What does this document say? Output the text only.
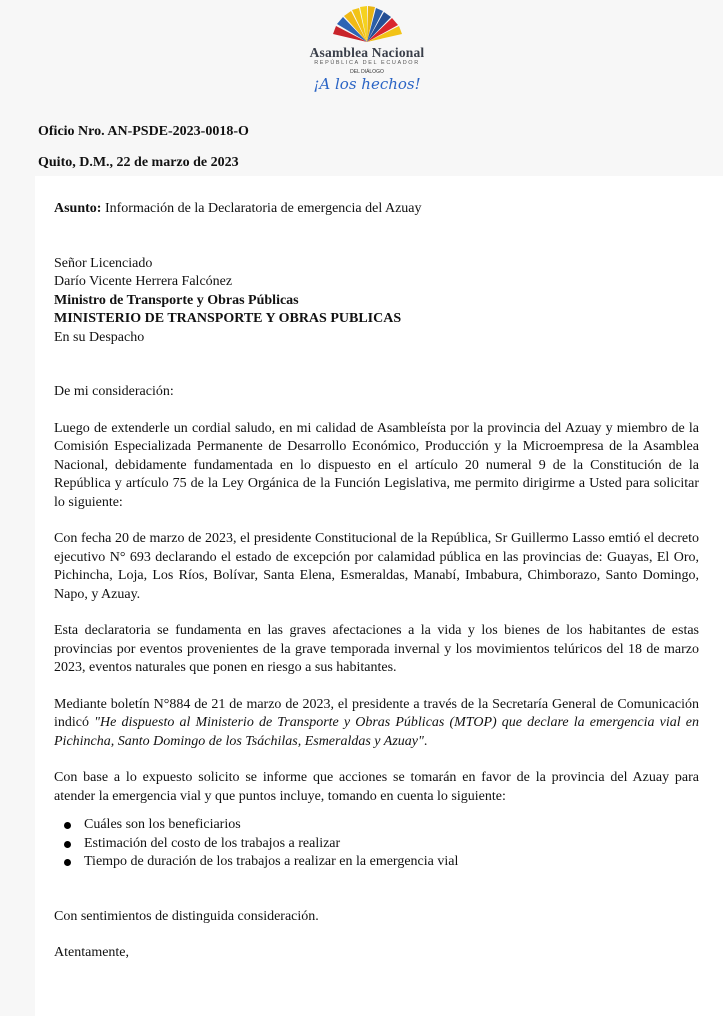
Asamblea Nacional
REPÚBLICA DEL ECUADOR
DEL DIÁLOGO
¡A los hechos!
Oficio Nro. AN-PSDE-2023-0018-O
Quito, D.M., 22 de marzo de 2023

Asunto: Información de la Declaratoria de emergencia del Azuay

Señor Licenciado

Darío Vicente Herrera Falcónez

Ministro de Transporte y Obras Públicas

MINISTERIO DE TRANSPORTE Y OBRAS PUBLICAS

En su Despacho

De mi consideración:

Luego de extenderle un cordial saludo, en mi calidad de Asambleísta por la provincia del Azuay y miembro de la Comisión Especializada Permanente de Desarrollo Económico, Producción y la Microempresa de la Asamblea Nacional, debidamente fundamentada en lo dispuesto en el artículo 20 numeral 9 de la Constitución de la República y artículo 75 de la Ley Orgánica de la Función Legislativa, me permito dirigirme a Usted para solicitar lo siguiente:

Con fecha 20 de marzo de 2023, el presidente Constitucional de la República, Sr Guillermo Lasso emtió el decreto ejecutivo N° 693 declarando el estado de excepción por calamidad pública en las provincias de: Guayas, El Oro, Pichincha, Loja, Los Ríos, Bolívar, Santa Elena, Esmeraldas, Manabí, Imbabura, Chimborazo, Santo Domingo, Napo, y Azuay.

Esta declaratoria se fundamenta en las graves afectaciones a la vida y los bienes de los habitantes de estas provincias por eventos provenientes de la grave temporada invernal y los movimientos telúricos del 18 de marzo 2023, eventos naturales que ponen en riesgo a sus habitantes.

Mediante boletín N°884 de 21 de marzo de 2023, el presidente a través de la Secretaría General de Comunicación indicó "He dispuesto al Ministerio de Transporte y Obras Públicas (MTOP) que declare la emergencia vial en Pichincha, Santo Domingo de los Tsáchilas, Esmeraldas y Azuay".

Con base a lo expuesto solicito se informe que acciones se tomarán en favor de la provincia del Azuay para atender la emergencia vial y que puntos incluye, tomando en cuenta lo siguiente:

Cuáles son los beneficiarios
Estimación del costo de los trabajos a realizar
Tiempo de duración de los trabajos a realizar en la emergencia vial

Con sentimientos de distinguida consideración.

Atentamente,
